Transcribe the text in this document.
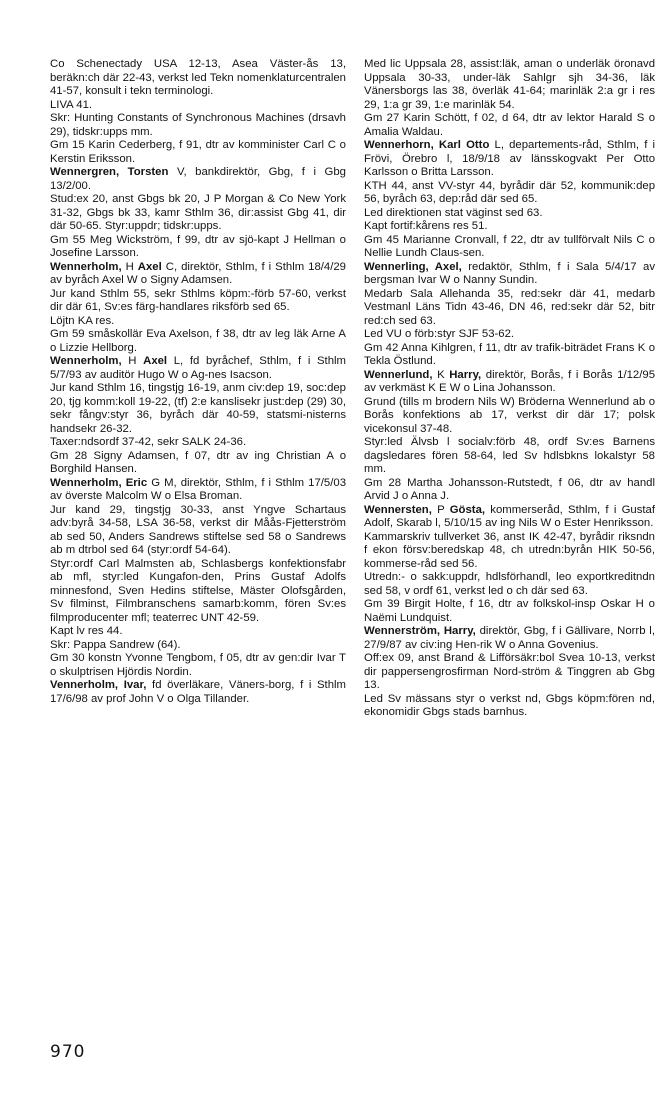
Co Schenectady USA 12-13, Asea Väster-ås 13, beräkn:ch där 22-43, verkst led Tekn nomenklaturcentralen 41-57, konsult i tekn terminologi.

LIVA 41.

Skr: Hunting Constants of Synchronous Machines (drsavh 29), tidskr:upps mm.

Gm 15 Karin Cederberg, f 91, dtr av komminister Carl C o Kerstin Eriksson.

Wennergren, Torsten V, bankdirektör, Gbg, f i Gbg 13/2/00.

Stud:ex 20, anst Gbgs bk 20, J P Morgan & Co New York 31-32, Gbgs bk 33, kamr Sthlm 36, dir:assist Gbg 41, dir där 50-65. Styr:uppdr; tidskr:upps.

Gm 55 Meg Wickström, f 99, dtr av sjö-kapt J Hellman o Josefine Larsson.

Wennerholm, H Axel C, direktör, Sthlm, f i Sthlm 18/4/29 av byråch Axel W o Signy Adamsen.

Jur kand Sthlm 55, sekr Sthlms köpm:-förb 57-60, verkst dir där 61, Sv:es färg-handlares riksförb sed 65.

Löjtn KA res.

Gm 59 småskollär Eva Axelson, f 38, dtr av leg läk Arne A o Lizzie Hellborg.

Wennerholm, H Axel L, fd byråchef, Sthlm, f i Sthlm 5/7/93 av auditör Hugo W o Ag-nes Isacson.

Jur kand Sthlm 16, tingstjg 16-19, anm civ:dep 19, soc:dep 20, tjg komm:koll 19-22, (tf) 2:e kanslisekr just:dep (29) 30, sekr fångv:styr 36, byråch där 40-59, statsmi-nisterns handsekr 26-32.

Taxer:ndsordf 37-42, sekr SALK 24-36.

Gm 28 Signy Adamsen, f 07, dtr av ing Christian A o Borghild Hansen.

Wennerholm, Eric G M, direktör, Sthlm, f i Sthlm 17/5/03 av överste Malcolm W o Elsa Broman.

Jur kand 29, tingstjg 30-33, anst Yngve Schartaus adv:byrå 34-58, LSA 36-58, verkst dir Måås-Fjetterström ab sed 50, Anders Sandrews stiftelse sed 58 o Sandrews ab m dtrbol sed 64 (styr:ordf 54-64).

Styr:ordf Carl Malmsten ab, Schlasbergs konfektionsfabr ab mfl, styr:led Kungafon-den, Prins Gustaf Adolfs minnesfond, Sven Hedins stiftelse, Mäster Olofsgården, Sv filminst, Filmbranschens samarb:komm, fören Sv:es filmproducenter mfl; teaterrec UNT 42-59.

Kapt lv res 44.

Skr: Pappa Sandrew (64).

Gm 30 konstn Yvonne Tengbom, f 05, dtr av gen:dir Ivar T o skulptrisen Hjördis Nordin.

Vennerholm, Ivar, fd överläkare, Väners-borg, f i Sthlm 17/6/98 av prof John V o Olga Tillander.

Med lic Uppsala 28, assist:läk, aman o underläk öronavd Uppsala 30-33, under-läk Sahlgr sjh 34-36, läk Vänersborgs las 38, överläk 41-64; marinläk 2:a gr i res 29, 1:a gr 39, 1:e marinläk 54.

Gm 27 Karin Schött, f 02, d 64, dtr av lektor Harald S o Amalia Waldau.

Wennerhorn, Karl Otto L, departements-råd, Sthlm, f i Frövi, Örebro l, 18/9/18 av länsskogvakt Per Otto Karlsson o Britta Larsson.

KTH 44, anst VV-styr 44, byrådir där 52, kommunik:dep 56, byråch 63, dep:råd där sed 65.

Led direktionen stat väginst sed 63.

Kapt fortif:kårens res 51.

Gm 45 Marianne Cronvall, f 22, dtr av tullförvalt Nils C o Nellie Lundh Claus-sen.

Wennerling, Axel, redaktör, Sthlm, f i Sala 5/4/17 av bergsman Ivar W o Nanny Sundin.

Medarb Sala Allehanda 35, red:sekr där 41, medarb Vestmanl Läns Tidn 43-46, DN 46, red:sekr där 52, bitr red:ch sed 63.

Led VU o förb:styr SJF 53-62.

Gm 42 Anna Kihlgren, f 11, dtr av trafik-biträdet Frans K o Tekla Östlund.

Wennerlund, K Harry, direktör, Borås, f i Borås 1/12/95 av verkmäst K E W o Lina Johansson.

Grund (tills m brodern Nils W) Bröderna Wennerlund ab o Borås konfektions ab 17, verkst dir där 17; polsk vicekonsul 37-48.

Styr:led Älvsb l socialv:förb 48, ordf Sv:es Barnens dagsledares fören 58-64, led Sv hdlsbkns lokalstyr 58 mm.

Gm 28 Martha Johansson-Rutstedt, f 06, dtr av handl Arvid J o Anna J.

Wennersten, P Gösta, kommerseråd, Sthlm, f i Gustaf Adolf, Skarab l, 5/10/15 av ing Nils W o Ester Henriksson.

Kammarskriv tullverket 36, anst IK 42-47, byrådir riksndn f ekon försv:beredskap 48, ch utredn:byrån HIK 50-56, kommerse-råd sed 56.

Utredn:- o sakk:uppdr, hdlsförhandl, leo exportkreditndn sed 58, v ordf 61, verkst led o ch där sed 63.

Gm 39 Birgit Holte, f 16, dtr av folkskol-insp Oskar H o Naëmi Lundquist.

Wennerström, Harry, direktör, Gbg, f i Gällivare, Norrb l, 27/9/87 av civ:ing Hen-rik W o Anna Govenius.

Off:ex 09, anst Brand & Lifförsäkr:bol Svea 10-13, verkst dir pappersengrosfirman Nord-ström & Tinggren ab Gbg 13.

Led Sv mässans styr o verkst nd, Gbgs köpm:fören nd, ekonomidir Gbgs stads barnhus.

970
